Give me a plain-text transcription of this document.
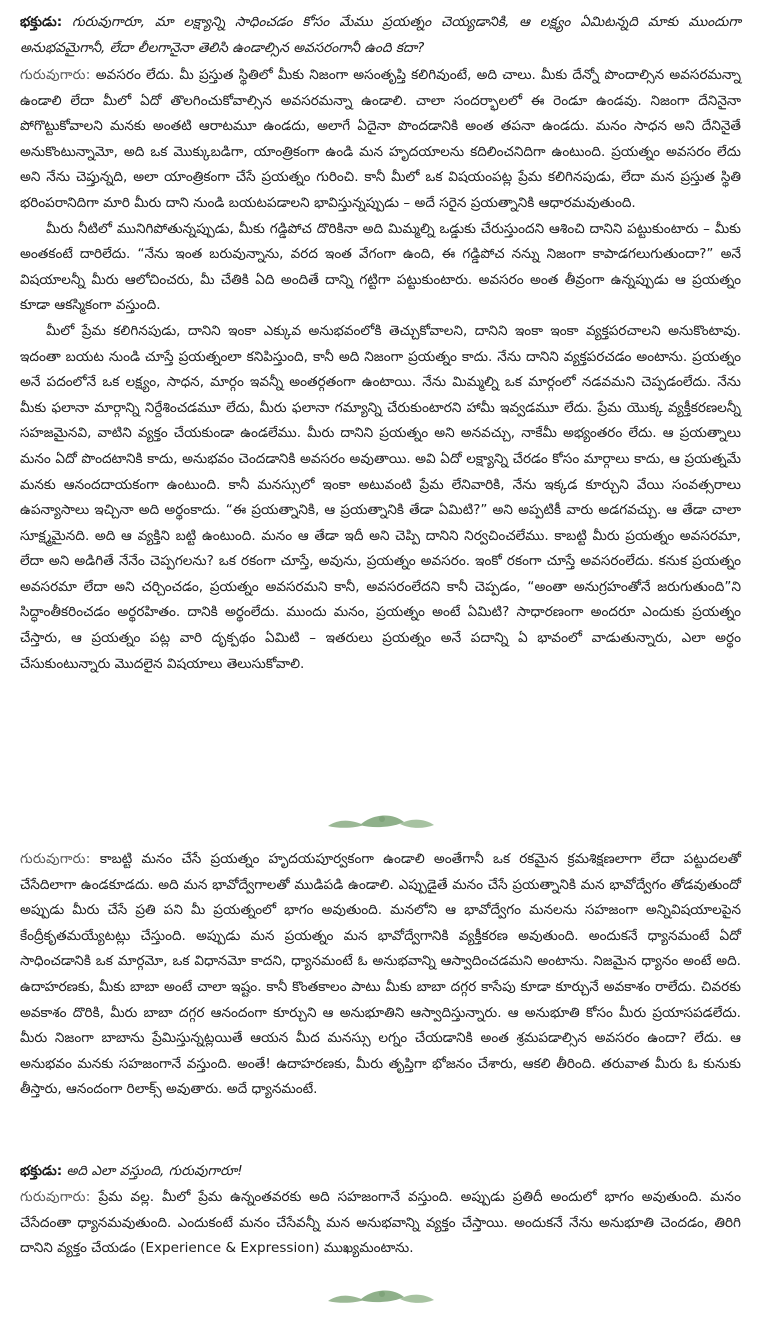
భక్తుడు: గురువుగారూ, మా లక్ష్యాన్ని సాధించడం కోసం మేము ప్రయత్నం చెయ్యడానికి, ఆ లక్ష్యం ఏమిటన్నది మాకు ముందుగా అనుభవమైగానీ, లేదా లీలగానైనా తెలిసి ఉండాల్సిన అవసరంగానీ ఉంది కదా?

గురువుగారు: అవసరం లేదు. మీ ప్రస్తుత స్థితిలో మీకు నిజంగా అసంతృప్తి కలిగివుంటే, అది చాలు. మీకు దేన్నో పొందాల్సిన అవసరమన్నా ఉండాలి లేదా మీలో ఏదో తొలగించుకోవాల్సిన అవసరమన్నా ఉండాలి. చాలా సందర్భాలలో ఈ రెండూ ఉండవు. నిజంగా దేనినైనా పోగొట్టుకోవాలని మనకు అంతటి ఆరాటమూ ఉండదు, అలాగే ఏదైనా పొందడానికి అంత తపనా ఉండదు. మనం సాధన అని దేనినైతే అనుకొంటున్నామో, అది ఒక మొక్కుబడిగా, యాంత్రికంగా ఉండి మన హృదయాలను కదిలించనిదిగా ఉంటుంది. ప్రయత్నం అవసరం లేదు అని నేను చెప్తున్నది, అలా యాంత్రికంగా చేసే ప్రయత్నం గురించి. కానీ మీలో ఒక విషయంపట్ల ప్రేమ కలిగినపుడు, లేదా మన ప్రస్తుత స్థితి భరింపరానిదిగా మారి మీరు దాని నుండి బయటపడాలని భావిస్తున్నప్పుడు – అదే సరైన ప్రయత్నానికి ఆధారమవుతుంది.

మీరు నీటిలో మునిగిపోతున్నప్పుడు, మీకు గడ్డిపోచ దొరికినా అది మిమ్మల్ని ఒడ్డుకు చేరుస్తుందని ఆశించి దానిని పట్టుకుంటారు – మీకు అంతకంటే దారిలేదు. “నేను ఇంత బరువున్నాను, వరద ఇంత వేగంగా ఉంది, ఈ గడ్డిపోచ నన్ను నిజంగా కాపాడగలుగుతుందా?” అనే విషయాలన్నీ మీరు ఆలోచించరు, మీ చేతికి ఏది అందితే దాన్ని గట్టిగా పట్టుకుంటారు. అవసరం అంత తీవ్రంగా ఉన్నప్పుడు ఆ ప్రయత్నం కూడా ఆకస్మికంగా వస్తుంది.

మీలో ప్రేమ కలిగినపుడు, దానిని ఇంకా ఎక్కువ అనుభవంలోకి తెచ్చుకోవాలని, దానిని ఇంకా ఇంకా వ్యక్తపరచాలని అనుకొంటావు. ఇదంతా బయట నుండి చూస్తే ప్రయత్నంలా కనిపిస్తుంది, కానీ అది నిజంగా ప్రయత్నం కాదు. నేను దానిని వ్యక్తపరచడం అంటాను. ప్రయత్నం అనే పదంలోనే ఒక లక్ష్యం, సాధన, మార్గం ఇవన్నీ అంతర్గతంగా ఉంటాయి. నేను మిమ్మల్ని ఒక మార్గంలో నడవమని చెప్పడంలేదు. నేను మీకు ఫలానా మార్గాన్ని నిర్దేశించడమూ లేదు, మీరు ఫలానా గమ్యాన్ని చేరుకుంటారని హామీ ఇవ్వడమూ లేదు. ప్రేమ యొక్క వ్యక్తీకరణలన్నీ సహజమైనవి, వాటిని వ్యక్తం చేయకుండా ఉండలేము. మీరు దానిని ప్రయత్నం అని అనవచ్చు, నాకేమీ అభ్యంతరం లేదు. ఆ ప్రయత్నాలు మనం ఏదో పొందటానికి కాదు, అనుభవం చెందడానికి అవసరం అవుతాయి. అవి ఏదో లక్ష్యాన్ని చేరడం కోసం మార్గాలు కాదు, ఆ ప్రయత్నమే మనకు ఆనందదాయకంగా ఉంటుంది. కానీ మనస్సులో ఇంకా అటువంటి ప్రేమ లేనివారికి, నేను ఇక్కడ కూర్చుని వేయి సంవత్సరాలు ఉపన్యాసాలు ఇచ్చినా అది అర్థంకాదు. “ఈ ప్రయత్నానికి, ఆ ప్రయత్నానికి తేడా ఏమిటి?” అని అప్పటికీ వారు అడగవచ్చు. ఆ తేడా చాలా సూక్ష్మమైనది. అది ఆ వ్యక్తిని బట్టి ఉంటుంది. మనం ఆ తేడా ఇదీ అని చెప్పి దానిని నిర్వచించలేము. కాబట్టి మీరు ప్రయత్నం అవసరమా, లేదా అని అడిగితే నేనేం చెప్పగలను? ఒక రకంగా చూస్తే, అవును, ప్రయత్నం అవసరం. ఇంకో రకంగా చూస్తే అవసరంలేదు. కనుక ప్రయత్నం అవసరమా లేదా అని చర్చించడం, ప్రయత్నం అవసరమని కానీ, అవసరంలేదని కానీ చెప్పడం, “అంతా అనుగ్రహంతోనే జరుగుతుంది”ని సిద్ధాంతీకరించడం అర్థరహితం. దానికి అర్థంలేదు. ముందు మనం, ప్రయత్నం అంటే ఏమిటి? సాధారణంగా అందరూ ఎందుకు ప్రయత్నం చేస్తారు, ఆ ప్రయత్నం పట్ల వారి దృక్పథం ఏమిటి – ఇతరులు ప్రయత్నం అనే పదాన్ని ఏ భావంలో వాడుతున్నారు, ఎలా అర్థం చేసుకుంటున్నారు మొదలైన విషయాలు తెలుసుకోవాలి.

గురువుగారు: కాబట్టి మనం చేసే ప్రయత్నం హృదయపూర్వకంగా ఉండాలి అంతేగానీ ఒక రకమైన క్రమశిక్షణలాగా లేదా పట్టుదలతో చేసేదిలాగా ఉండకూడదు. అది మన భావోద్వేగాలతో ముడిపడి ఉండాలి. ఎప్పుడైతే మనం చేసే ప్రయత్నానికి మన భావోద్వేగం తోడవుతుందో అప్పుడు మీరు చేసే ప్రతి పని మీ ప్రయత్నంలో భాగం అవుతుంది. మనలోని ఆ భావోద్వేగం మనలను సహజంగా అన్నివిషయాలపైన కేంద్రీకృతమయ్యేటట్లు చేస్తుంది. అప్పుడు మన ప్రయత్నం మన భావోద్వేగానికి వ్యక్తీకరణ అవుతుంది. అందుకనే ధ్యానమంటే ఏదో సాధించడానికి ఒక మార్గమో, ఒక విధానమో కాదని, ధ్యానమంటే ఓ అనుభవాన్ని ఆస్వాదించడమని అంటాను. నిజమైన ధ్యానం అంటే అది. ఉదాహరణకు, మీకు బాబా అంటే చాలా ఇష్టం. కానీ కొంతకాలం పాటు మీకు బాబా దగ్గర కాసేపు కూడా కూర్చునే అవకాశం రాలేదు. చివరకు అవకాశం దొరికి, మీరు బాబా దగ్గర ఆనందంగా కూర్చుని ఆ అనుభూతిని ఆస్వాదిస్తున్నారు. ఆ అనుభూతి కోసం మీరు ప్రయాసపడలేదు. మీరు నిజంగా బాబాను ప్రేమిస్తున్నట్లయితే ఆయన మీద మనస్సు లగ్నం చేయడానికి అంత శ్రమపడాల్సిన అవసరం ఉందా? లేదు. ఆ అనుభవం మనకు సహజంగానే వస్తుంది. అంతే! ఉదాహరణకు, మీరు తృప్తిగా భోజనం చేశారు, ఆకలి తీరింది. తరువాత మీరు ఓ కునుకు తీస్తారు, ఆనందంగా రిలాక్స్ అవుతారు. అదే ధ్యానమంటే.

భక్తుడు: అది ఎలా వస్తుంది, గురువుగారూ!

గురువుగారు: ప్రేమ వల్ల. మీలో ప్రేమ ఉన్నంతవరకు అది సహజంగానే వస్తుంది. అప్పుడు ప్రతిదీ అందులో భాగం అవుతుంది. మనం చేసేదంతా ధ్యానమవుతుంది. ఎందుకంటే మనం చేసేవన్నీ మన అనుభవాన్ని వ్యక్తం చేస్తాయి. అందుకనే నేను అనుభూతి చెందడం, తిరిగి దానిని వ్యక్తం చేయడం (Experience & Expression) ముఖ్యమంటాను.
